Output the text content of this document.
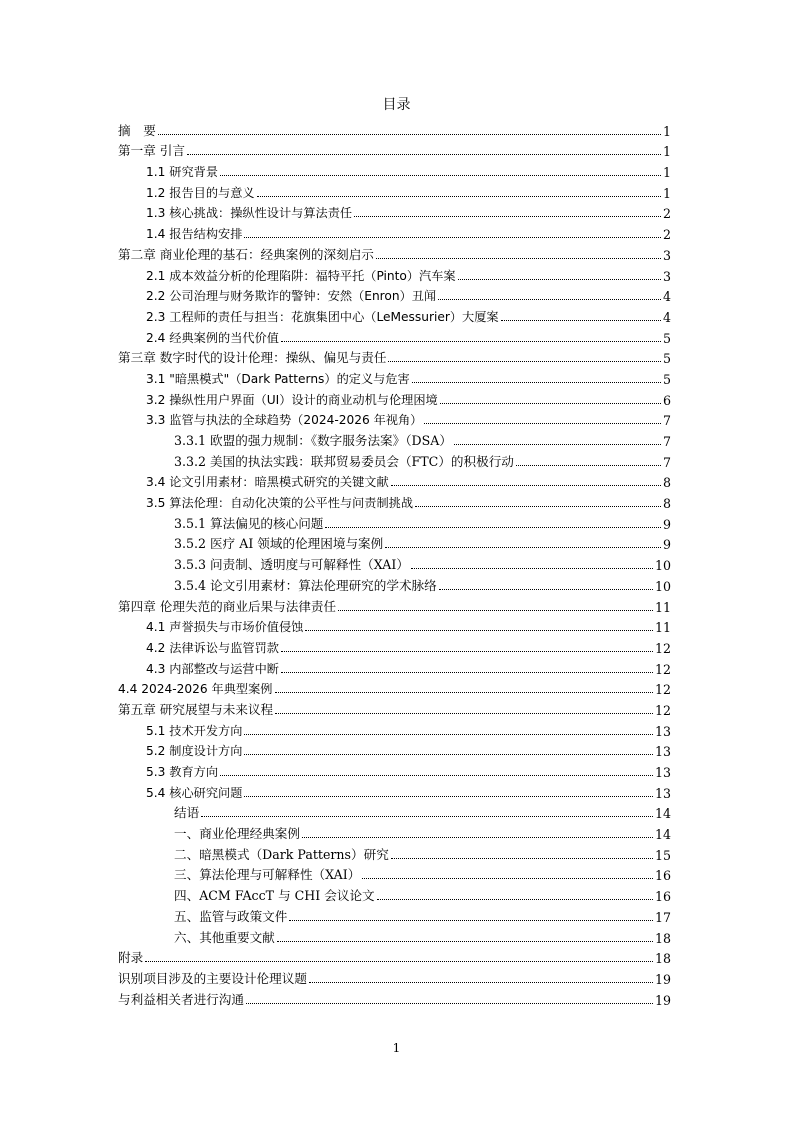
目录
摘　要	1
第一章 引言	1
1.1 研究背景	1
1.2 报告目的与意义	1
1.3 核心挑战：操纵性设计与算法责任	2
1.4 报告结构安排	2
第二章 商业伦理的基石：经典案例的深刻启示	3
2.1 成本效益分析的伦理陷阱：福特平托（Pinto）汽车案	3
2.2 公司治理与财务欺诈的警钟：安然（Enron）丑闻	4
2.3 工程师的责任与担当：花旗集团中心（LeMessurier）大厦案	4
2.4 经典案例的当代价值	5
第三章 数字时代的设计伦理：操纵、偏见与责任	5
3.1 "暗黑模式"（Dark Patterns）的定义与危害	5
3.2 操纵性用户界面（UI）设计的商业动机与伦理困境	6
3.3 监管与执法的全球趋势（2024-2026 年视角）	7
3.3.1 欧盟的强力规制：《数字服务法案》（DSA）	7
3.3.2 美国的执法实践：联邦贸易委员会（FTC）的积极行动	7
3.4 论文引用素材：暗黑模式研究的关键文献	8
3.5 算法伦理：自动化决策的公平性与问责制挑战	8
3.5.1 算法偏见的核心问题	9
3.5.2 医疗 AI 领域的伦理困境与案例	9
3.5.3 问责制、透明度与可解释性（XAI）	10
3.5.4 论文引用素材：算法伦理研究的学术脉络	10
第四章 伦理失范的商业后果与法律责任	11
4.1 声誉损失与市场价值侵蚀	11
4.2 法律诉讼与监管罚款	12
4.3 内部整改与运营中断	12
4.4 2024-2026 年典型案例	12
第五章 研究展望与未来议程	12
5.1 技术开发方向	13
5.2 制度设计方向	13
5.3 教育方向	13
5.4 核心研究问题	13
结语	14
一、商业伦理经典案例	14
二、暗黑模式（Dark Patterns）研究	15
三、算法伦理与可解释性（XAI）	16
四、ACM FAccT 与 CHI 会议论文	16
五、监管与政策文件	17
六、其他重要文献	18
附录	18
识别项目涉及的主要设计伦理议题	19
与利益相关者进行沟通	19
1
